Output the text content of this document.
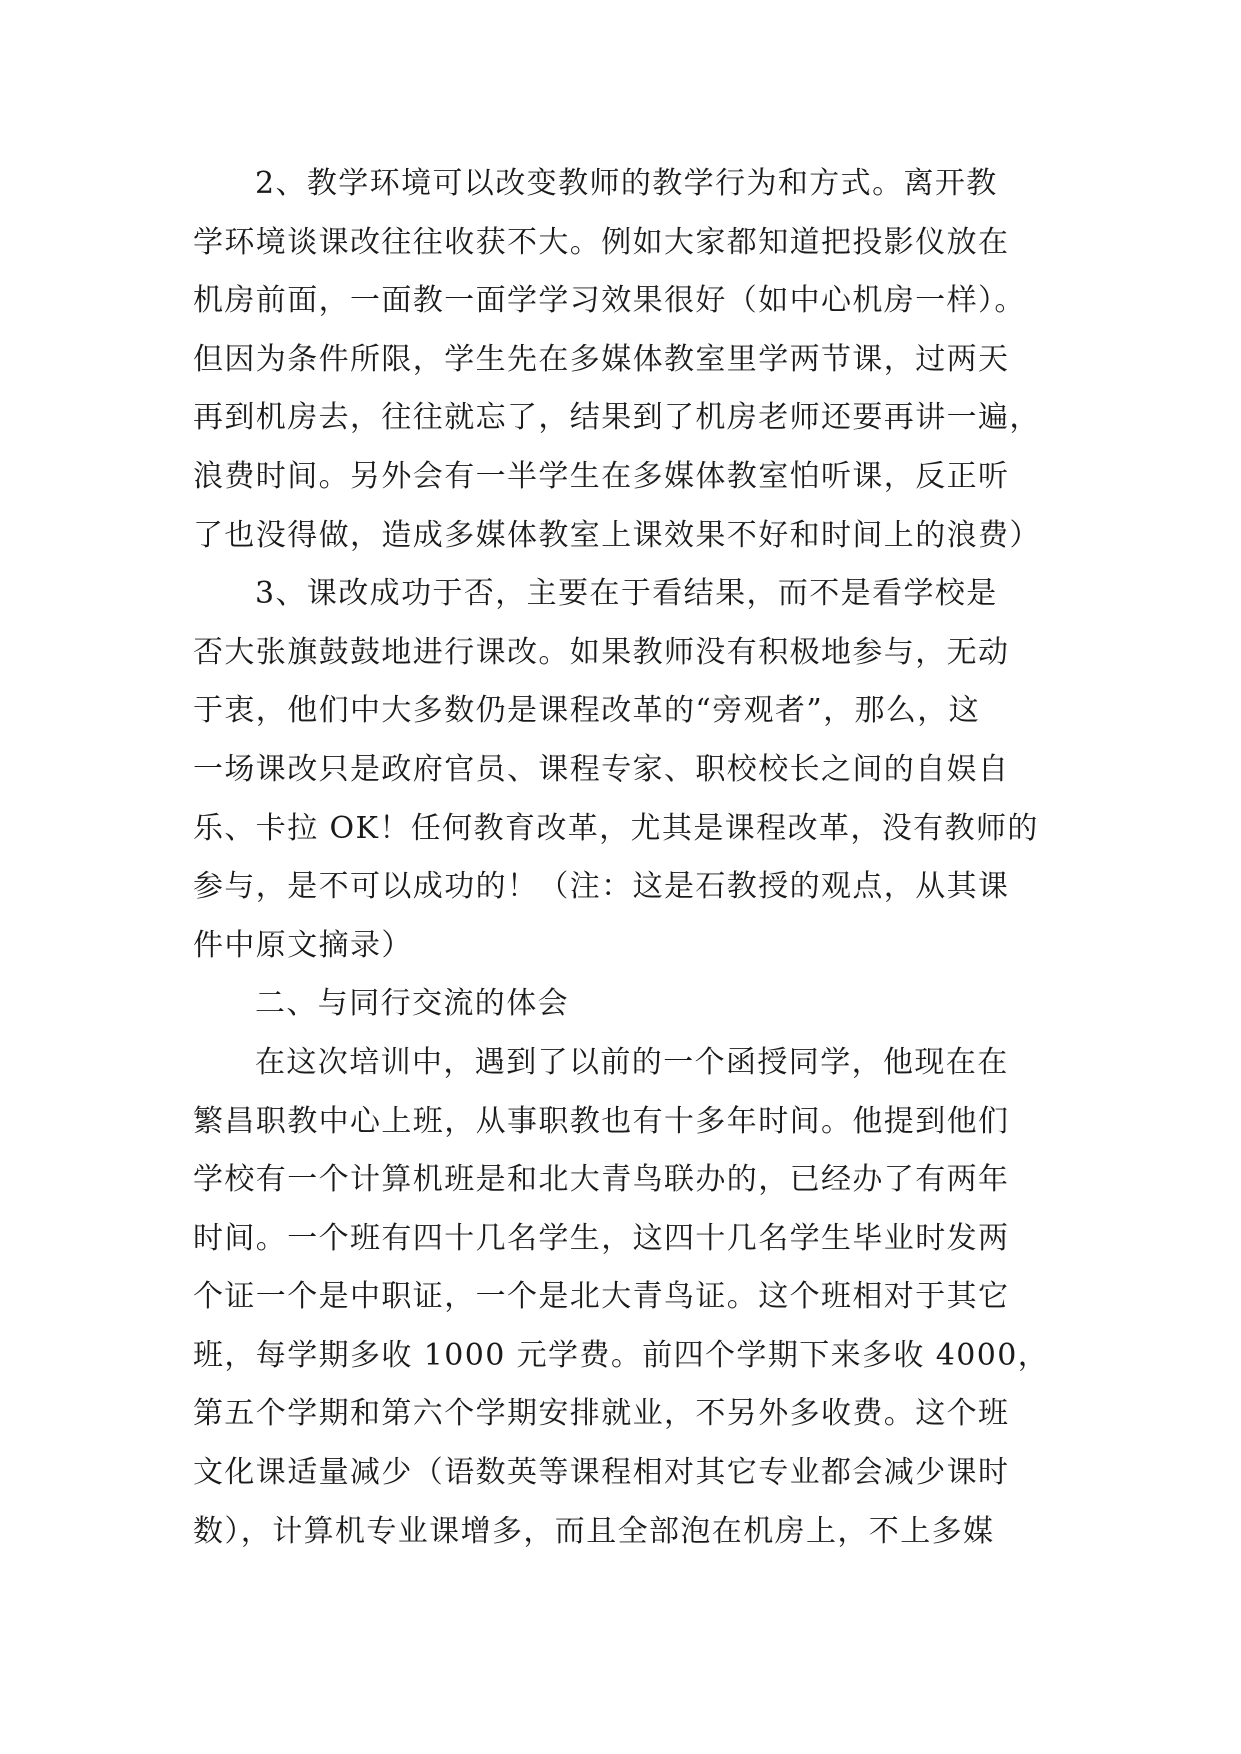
2、教学环境可以改变教师的教学行为和方式。离开教
学环境谈课改往往收获不大。例如大家都知道把投影仪放在
机房前面，一面教一面学学习效果很好（如中心机房一样）。
但因为条件所限，学生先在多媒体教室里学两节课，过两天
再到机房去，往往就忘了，结果到了机房老师还要再讲一遍，
浪费时间。另外会有一半学生在多媒体教室怕听课，反正听
了也没得做，造成多媒体教室上课效果不好和时间上的浪费）
3、课改成功于否，主要在于看结果，而不是看学校是
否大张旗鼓鼓地进行课改。如果教师没有积极地参与，无动
于衷，他们中大多数仍是课程改革的“旁观者”，那么，这
一场课改只是政府官员、课程专家、职校校长之间的自娱自
乐、卡拉 OK！任何教育改革，尤其是课程改革，没有教师的
参与，是不可以成功的！（注：这是石教授的观点，从其课
件中原文摘录）
二、与同行交流的体会
在这次培训中，遇到了以前的一个函授同学，他现在在
繁昌职教中心上班，从事职教也有十多年时间。他提到他们
学校有一个计算机班是和北大青鸟联办的，已经办了有两年
时间。一个班有四十几名学生，这四十几名学生毕业时发两
个证一个是中职证，一个是北大青鸟证。这个班相对于其它
班，每学期多收 1000 元学费。前四个学期下来多收 4000，
第五个学期和第六个学期安排就业，不另外多收费。这个班
文化课适量减少（语数英等课程相对其它专业都会减少课时
数），计算机专业课增多，而且全部泡在机房上，不上多媒
